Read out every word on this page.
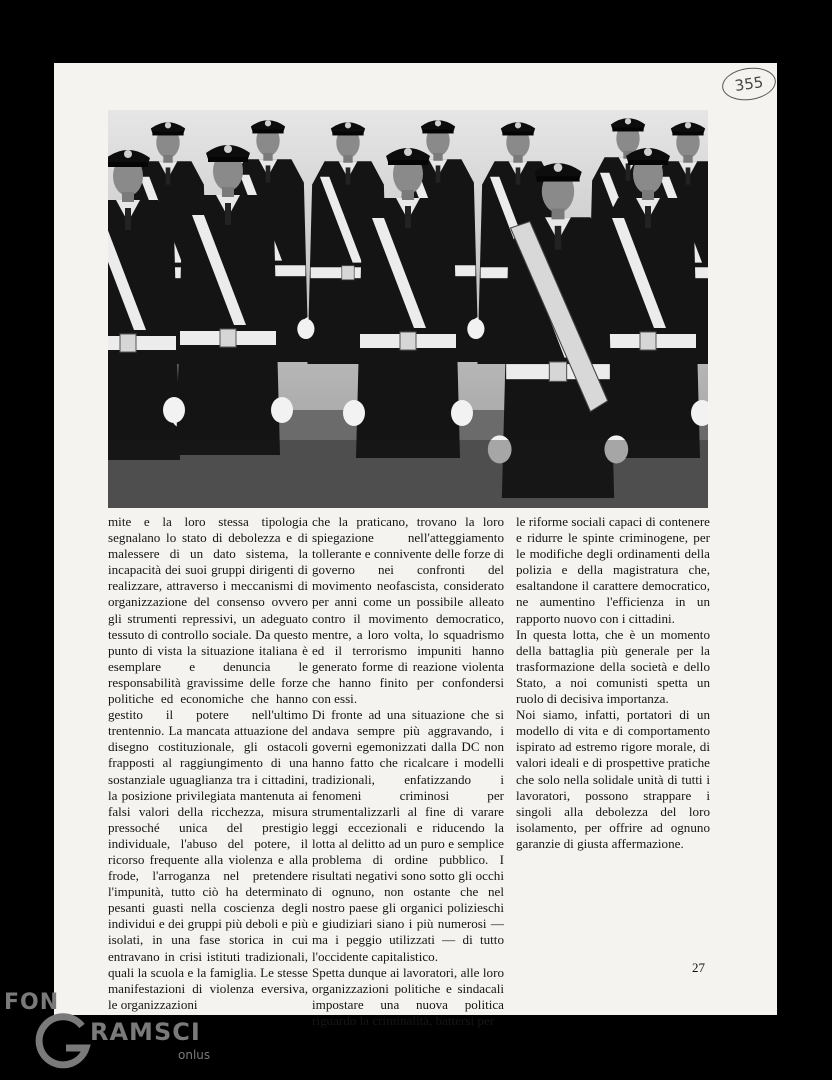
355

mite e la loro stessa tipologia segnalano lo stato di debolezza e di malessere di un dato sistema, la incapacità dei suoi gruppi dirigenti di realizzare, attraverso i meccanismi di organizzazione del consenso ovvero gli strumenti repressivi, un adeguato tessuto di controllo sociale. Da questo punto di vista la situazione italiana è esemplare e denuncia le responsabilità gravissime delle forze politiche ed economiche che hanno gestito il potere nell'ultimo trentennio. La mancata attuazione del disegno costituzionale, gli ostacoli frapposti al raggiungimento di una sostanziale uguaglianza tra i cittadini, la posizione privilegiata mantenuta ai falsi valori della ricchezza, misura pressoché unica del prestigio individuale, l'abuso del potere, il ricorso frequente alla violenza e alla frode, l'arroganza nel pretendere l'impunità, tutto ciò ha determinato pesanti guasti nella coscienza degli individui e dei gruppi più deboli e più isolati, in una fase storica in cui entravano in crisi istituti tradizionali, quali la scuola e la famiglia. Le stesse manifestazioni di violenza eversiva, le organizzazioni

che la praticano, trovano la loro spiegazione nell'atteggiamento tollerante e connivente delle forze di governo nei confronti del movimento neofascista, considerato per anni come un possibile alleato contro il movimento democratico, mentre, a loro volta, lo squadrismo ed il terrorismo impuniti hanno generato forme di reazione violenta che hanno finito per confondersi con essi.

Di fronte ad una situazione che si andava sempre più aggravando, i governi egemonizzati dalla DC non hanno fatto che ricalcare i modelli tradizionali, enfatizzando i fenomeni criminosi per strumentalizzarli al fine di varare leggi eccezionali e riducendo la lotta al delitto ad un puro e semplice problema di ordine pubblico. I risultati negativi sono sotto gli occhi di ognuno, non ostante che nel nostro paese gli organici polizieschi e giudiziari siano i più numerosi — ma i peggio utilizzati — di tutto l'occidente capitalistico.

Spetta dunque ai lavoratori, alle loro organizzazioni politiche e sindacali impostare una nuova politica riguardo la criminalità, battersi per

le riforme sociali capaci di contenere e ridurre le spinte criminogene, per le modifiche degli ordinamenti della polizia e della magistratura che, esaltandone il carattere democratico, ne aumentino l'efficienza in un rapporto nuovo con i cittadini.

In questa lotta, che è un momento della battaglia più generale per la trasformazione della società e dello Stato, a noi comunisti spetta un ruolo di decisiva importanza.

Noi siamo, infatti, portatori di un modello di vita e di comportamento ispirato ad estremo rigore morale, di valori ideali e di prospettive pratiche che solo nella solidale unità di tutti i lavoratori, possono strappare i singoli alla debolezza del loro isolamento, per offrire ad ognuno garanzie di giusta affermazione.

27
FON
RAMSCI
onlus
